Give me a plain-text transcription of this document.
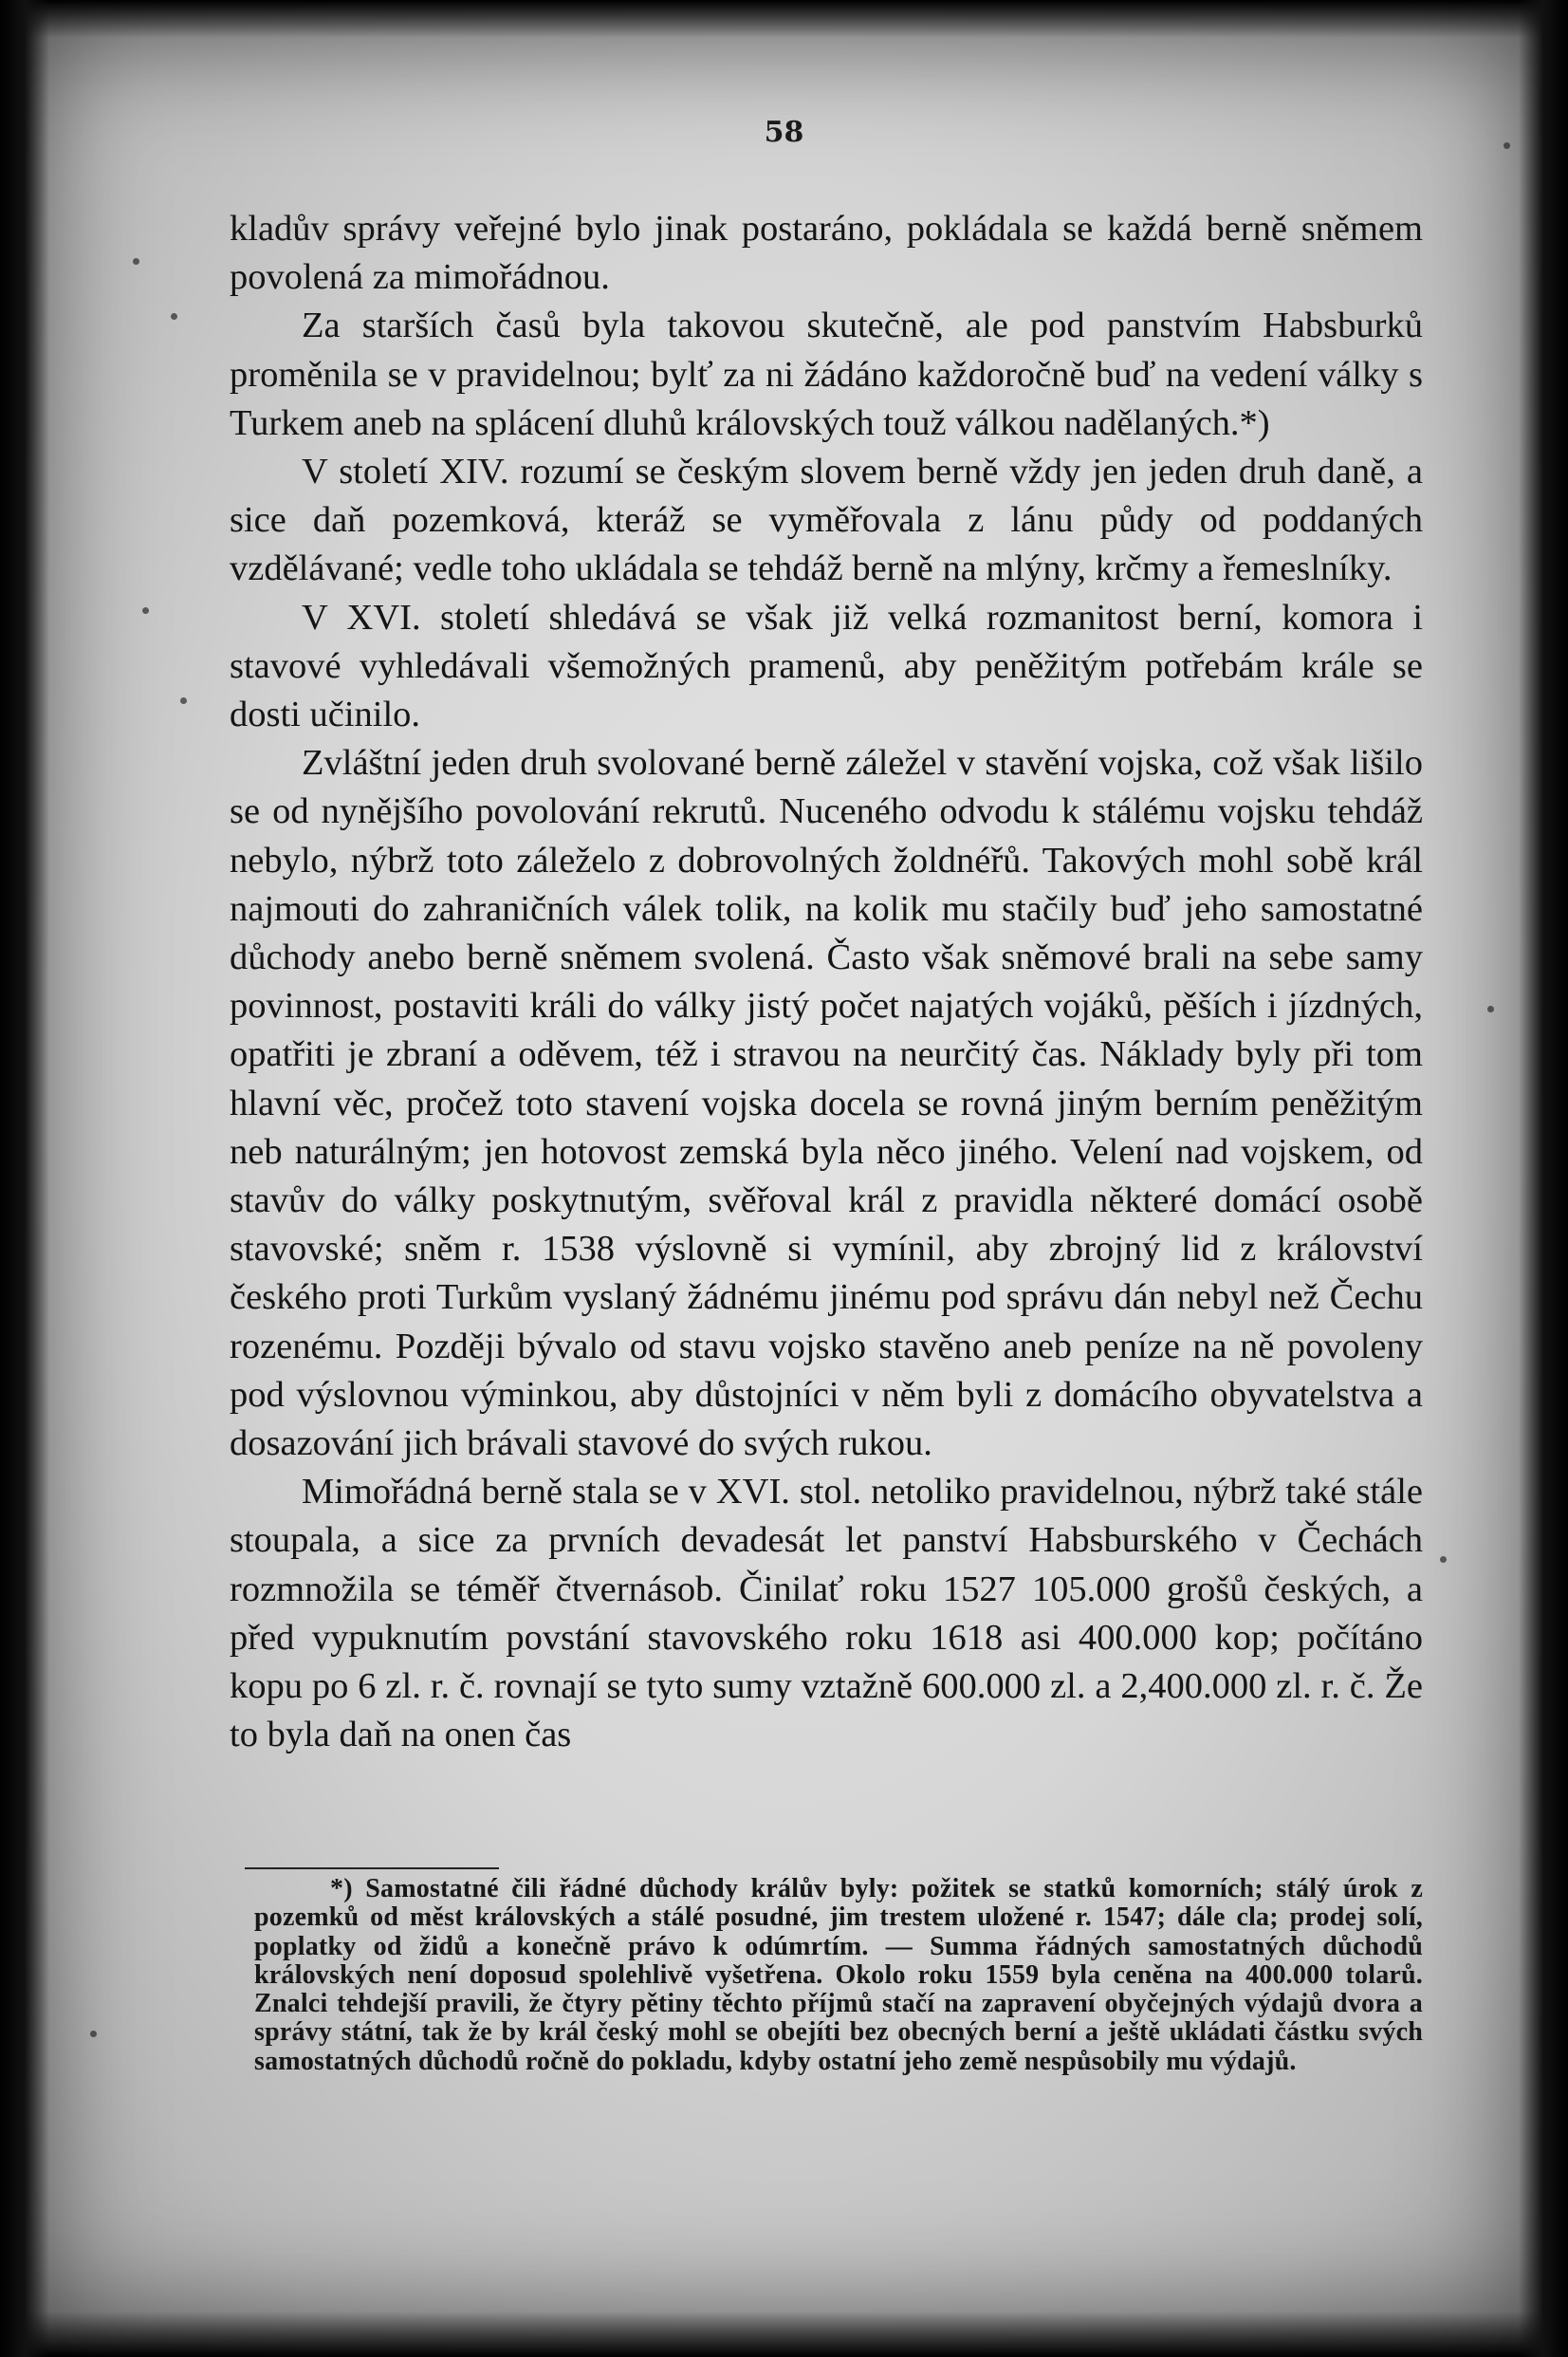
58

kladův správy veřejné bylo jinak postaráno, pokládala se každá berně sněmem povolená za mimořádnou.

Za starších časů byla takovou skutečně, ale pod panstvím Habsburků proměnila se v pravidelnou; bylť za ni žádáno každoročně buď na vedení války s Turkem aneb na splácení dluhů královských touž válkou nadělaných.*)

V století XIV. rozumí se českým slovem berně vždy jen jeden druh daně, a sice daň pozemková, kteráž se vyměřovala z lánu půdy od poddaných vzdělávané; vedle toho ukládala se tehdáž berně na mlýny, krčmy a řemeslníky.

V XVI. století shledává se však již velká rozmanitost berní, komora i stavové vyhledávali všemožných pramenů, aby peněžitým potřebám krále se dosti učinilo.

Zvláštní jeden druh svolované berně záležel v stavění vojska, což však lišilo se od nynějšího povolování rekrutů. Nuceného odvodu k stálému vojsku tehdáž nebylo, nýbrž toto záleželo z dobrovolných žoldnéřů. Takových mohl sobě král najmouti do zahraničních válek tolik, na kolik mu stačily buď jeho samostatné důchody anebo berně sněmem svolená. Často však sněmové brali na sebe samy povinnost, postaviti králi do války jistý počet najatých vojáků, pěších i jízdných, opatřiti je zbraní a oděvem, též i stravou na neurčitý čas. Náklady byly při tom hlavní věc, pročež toto stavení vojska docela se rovná jiným berním peněžitým neb naturálným; jen hotovost zemská byla něco jiného. Velení nad vojskem, od stavův do války poskytnutým, svěřoval král z pravidla některé domácí osobě stavovské; sněm r. 1538 výslovně si vymínil, aby zbrojný lid z království českého proti Turkům vyslaný žádnému jinému pod správu dán nebyl než Čechu rozenému. Později bývalo od stavu vojsko stavěno aneb peníze na ně povoleny pod výslovnou výminkou, aby důstojníci v něm byli z domácího obyvatelstva a dosazování jich brávali stavové do svých rukou.

Mimořádná berně stala se v XVI. stol. netoliko pravidelnou, nýbrž také stále stoupala, a sice za prvních devadesát let panství Habsburského v Čechách rozmnožila se téměř čtvernásob. Činilať roku 1527 105.000 grošů českých, a před vypuknutím povstání stavovského roku 1618 asi 400.000 kop; počítáno kopu po 6 zl. r. č. rovnají se tyto sumy vztažně 600.000 zl. a 2,400.000 zl. r. č. Že to byla daň na onen čas

*) Samostatné čili řádné důchody králův byly: požitek se statků komorních; stálý úrok z pozemků od měst královských a stálé posudné, jim trestem uložené r. 1547; dále cla; prodej solí, poplatky od židů a konečně právo k odúmrtím. — Summa řádných samostatných důchodů královských není doposud spolehlivě vyšetřena. Okolo roku 1559 byla ceněna na 400.000 tolarů. Znalci tehdejší pravili, že čtyry pětiny těchto příjmů stačí na zapravení obyčejných výdajů dvora a správy státní, tak že by král český mohl se obejíti bez obecných berní a ještě ukládati částku svých samostatných důchodů ročně do pokladu, kdyby ostatní jeho země nespůsobily mu výdajů.
